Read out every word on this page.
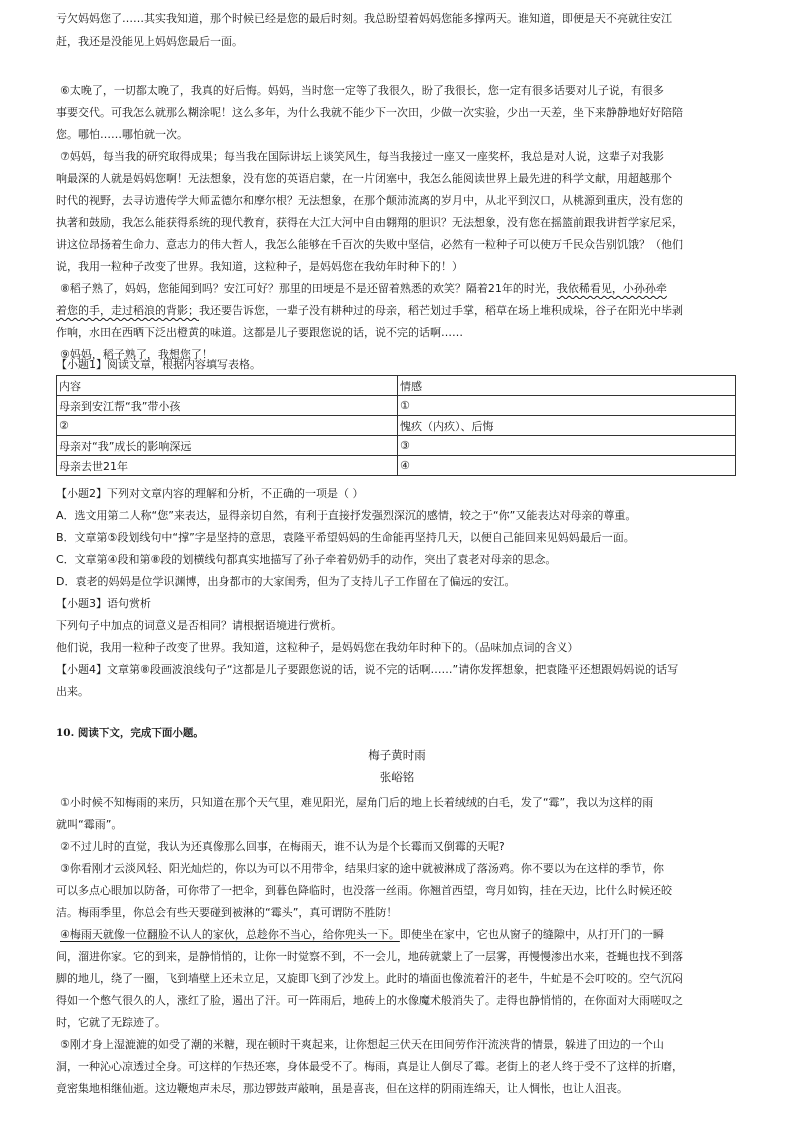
亏欠妈妈您了……其实我知道，那个时候已经是您的最后时刻。我总盼望着妈妈您能多撑两天。谁知道，即便是天不亮就往安江
赶，我还是没能见上妈妈您最后一面。
⑥太晚了，一切都太晚了，我真的好后悔。妈妈，当时您一定等了我很久，盼了我很长，您一定有很多话要对儿子说，有很多
事要交代。可我怎么就那么糊涂呢！这么多年，为什么我就不能少下一次田，少做一次实验，少出一天差，坐下来静静地好好陪陪
您。哪怕……哪怕就一次。
⑦妈妈，每当我的研究取得成果；每当我在国际讲坛上谈笑风生，每当我接过一座又一座奖杯，我总是对人说，这辈子对我影
响最深的人就是妈妈您啊！无法想象，没有您的英语启蒙，在一片闭塞中，我怎么能阅读世界上最先进的科学文献，用超越那个
时代的视野，去寻访遗传学大师孟德尔和摩尔根？无法想象，在那个颠沛流离的岁月中，从北平到汉口，从桃源到重庆，没有您的
执著和鼓励，我怎么能获得系统的现代教育，获得在大江大河中自由翱翔的胆识？无法想象，没有您在摇篮前跟我讲哲学家尼采，
讲这位昂扬着生命力、意志力的伟大哲人，我怎么能够在千百次的失败中坚信，必然有一粒种子可以使万千民众告别饥饿？（他们
说，我用一粒种子改变了世界。我知道，这粒种子，是妈妈您在我幼年时种下的！）
⑧稻子熟了，妈妈，您能闻到吗？安江可好？那里的田埂是不是还留着熟悉的欢笑？隔着21年的时光，我依稀看见，小孙孙牵
着您的手，走过稻浪的背影；我还要告诉您，一辈子没有耕种过的母亲，稻芒划过手掌，稻草在场上堆积成垛，谷子在阳光中毕剥
作响，水田在西晒下泛出橙黄的味道。这都是儿子要跟您说的话，说不完的话啊……
⑨妈妈，稻子熟了，我想您了！
【小题1】阅读文章，根据内容填写表格。
内容	情感
母亲到安江帮“我”带小孩	①
②	愧疚（内疚）、后悔
母亲对“我”成长的影响深远	③
母亲去世21年	④
【小题2】下列对文章内容的理解和分析，不正确的一项是（ ）
A．选文用第二人称“您”来表达，显得亲切自然，有利于直接抒发强烈深沉的感情，较之于“你”又能表达对母亲的尊重。
B．文章第⑤段划线句中“撑”字是坚持的意思，袁隆平希望妈妈的生命能再坚持几天，以便自己能回来见妈妈最后一面。
C．文章第④段和第⑧段的划横线句都真实地描写了孙子牵着奶奶手的动作，突出了袁老对母亲的思念。
D．袁老的妈妈是位学识渊博，出身都市的大家闺秀，但为了支持儿子工作留在了偏远的安江。
【小题3】语句赏析
下列句子中加点的词意义是否相同？请根据语境进行赏析。
他们说，我用一粒种子改变了世界。我知道，这粒种子，是妈妈您在我幼年时种下的。（品味加点词的含义）
【小题4】文章第⑧段画波浪线句子“这都是儿子要跟您说的话，说不完的话啊……”请你发挥想象，把袁隆平还想跟妈妈说的话写
出来。
10. 阅读下文，完成下面小题。
梅子黄时雨
张峪铭
①小时候不知梅雨的来历，只知道在那个天气里，难见阳光，屋角门后的地上长着绒绒的白毛，发了“霉”，我以为这样的雨
就叫“霉雨”。
②不过儿时的直觉，我认为还真像那么回事，在梅雨天，谁不认为是个长霉而又倒霉的天呢?
③你看刚才云淡风轻、阳光灿烂的，你以为可以不用带伞，结果归家的途中就被淋成了落汤鸡。你不要以为在这样的季节，你
可以多点心眼加以防备，可你带了一把伞，到暮色降临时，也没落一丝雨。你翘首西望，弯月如钩，挂在天边，比什么时候还皎
洁。梅雨季里，你总会有些天要碰到被淋的“霉头”，真可谓防不胜防！
④梅雨天就像一位翻脸不认人的家伙，总趁你不当心，给你兜头一下。即使坐在家中，它也从窗子的缝隙中，从打开门的一瞬
间，溜进你家。它的到来，是静悄悄的，让你一时觉察不到，不一会儿，地砖就蒙上了一层雾，再慢慢渗出水来，苍蝇也找不到落
脚的地儿，绕了一圈，飞到墙壁上还未立足，又旋即飞到了沙发上。此时的墙面也像流着汗的老牛，牛虻是不会叮咬的。空气沉闷
得如一个憋气很久的人，涨红了脸，遏出了汗。可一阵雨后，地砖上的水像魔术般消失了。走得也静悄悄的，在你面对大雨嗟叹之
时，它就了无踪迹了。
⑤刚才身上湿漉漉的如受了潮的米糖，现在顿时干爽起来，让你想起三伏天在田间劳作汗流浃背的情景，躲进了田边的一个山
洞，一种沁心凉透过全身。可这样的乍热还寒，身体最受不了。梅雨，真是让人倒尽了霉。老街上的老人终于受不了这样的折磨，
竟密集地相继仙逝。这边鞭炮声未尽，那边锣鼓声敲响，虽是喜丧，但在这样的阴雨连绵天，让人惆怅，也让人沮丧。
